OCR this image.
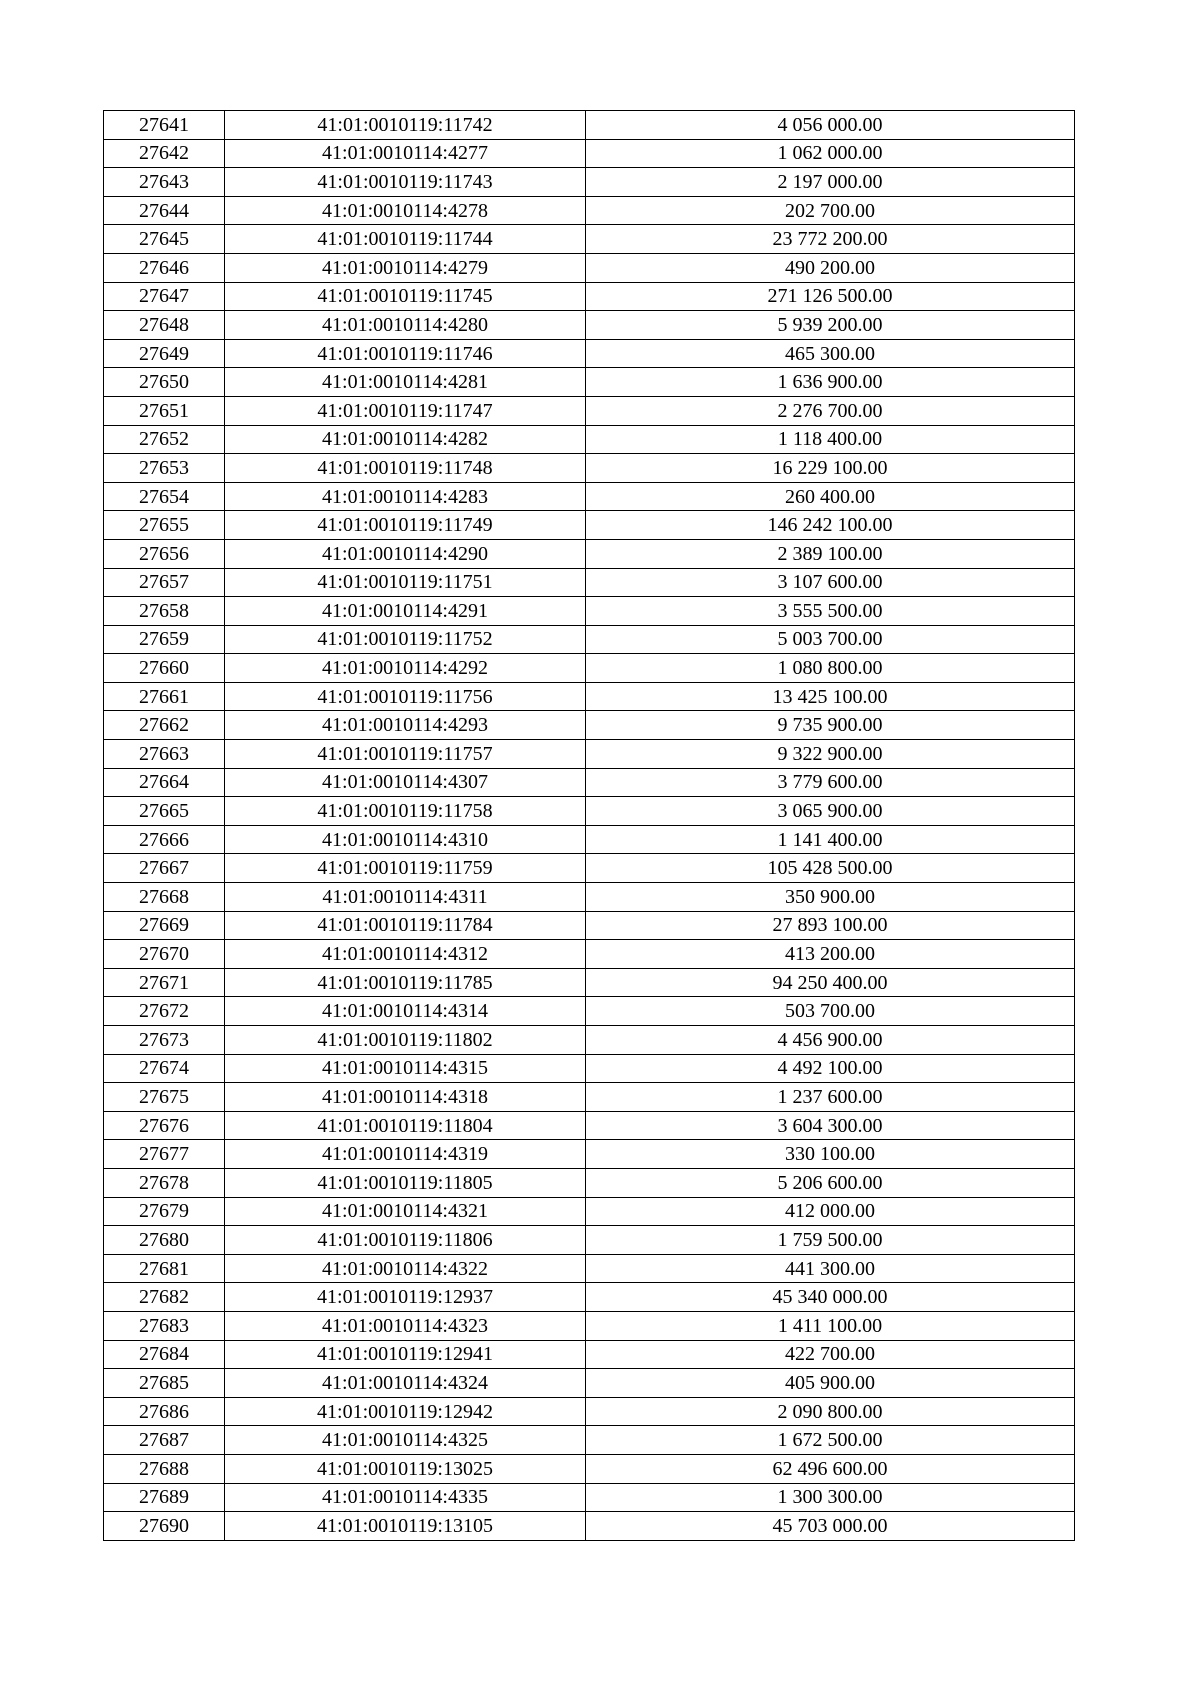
27641	41:01:0010119:11742	4 056 000.00
27642	41:01:0010114:4277	1 062 000.00
27643	41:01:0010119:11743	2 197 000.00
27644	41:01:0010114:4278	202 700.00
27645	41:01:0010119:11744	23 772 200.00
27646	41:01:0010114:4279	490 200.00
27647	41:01:0010119:11745	271 126 500.00
27648	41:01:0010114:4280	5 939 200.00
27649	41:01:0010119:11746	465 300.00
27650	41:01:0010114:4281	1 636 900.00
27651	41:01:0010119:11747	2 276 700.00
27652	41:01:0010114:4282	1 118 400.00
27653	41:01:0010119:11748	16 229 100.00
27654	41:01:0010114:4283	260 400.00
27655	41:01:0010119:11749	146 242 100.00
27656	41:01:0010114:4290	2 389 100.00
27657	41:01:0010119:11751	3 107 600.00
27658	41:01:0010114:4291	3 555 500.00
27659	41:01:0010119:11752	5 003 700.00
27660	41:01:0010114:4292	1 080 800.00
27661	41:01:0010119:11756	13 425 100.00
27662	41:01:0010114:4293	9 735 900.00
27663	41:01:0010119:11757	9 322 900.00
27664	41:01:0010114:4307	3 779 600.00
27665	41:01:0010119:11758	3 065 900.00
27666	41:01:0010114:4310	1 141 400.00
27667	41:01:0010119:11759	105 428 500.00
27668	41:01:0010114:4311	350 900.00
27669	41:01:0010119:11784	27 893 100.00
27670	41:01:0010114:4312	413 200.00
27671	41:01:0010119:11785	94 250 400.00
27672	41:01:0010114:4314	503 700.00
27673	41:01:0010119:11802	4 456 900.00
27674	41:01:0010114:4315	4 492 100.00
27675	41:01:0010114:4318	1 237 600.00
27676	41:01:0010119:11804	3 604 300.00
27677	41:01:0010114:4319	330 100.00
27678	41:01:0010119:11805	5 206 600.00
27679	41:01:0010114:4321	412 000.00
27680	41:01:0010119:11806	1 759 500.00
27681	41:01:0010114:4322	441 300.00
27682	41:01:0010119:12937	45 340 000.00
27683	41:01:0010114:4323	1 411 100.00
27684	41:01:0010119:12941	422 700.00
27685	41:01:0010114:4324	405 900.00
27686	41:01:0010119:12942	2 090 800.00
27687	41:01:0010114:4325	1 672 500.00
27688	41:01:0010119:13025	62 496 600.00
27689	41:01:0010114:4335	1 300 300.00
27690	41:01:0010119:13105	45 703 000.00
